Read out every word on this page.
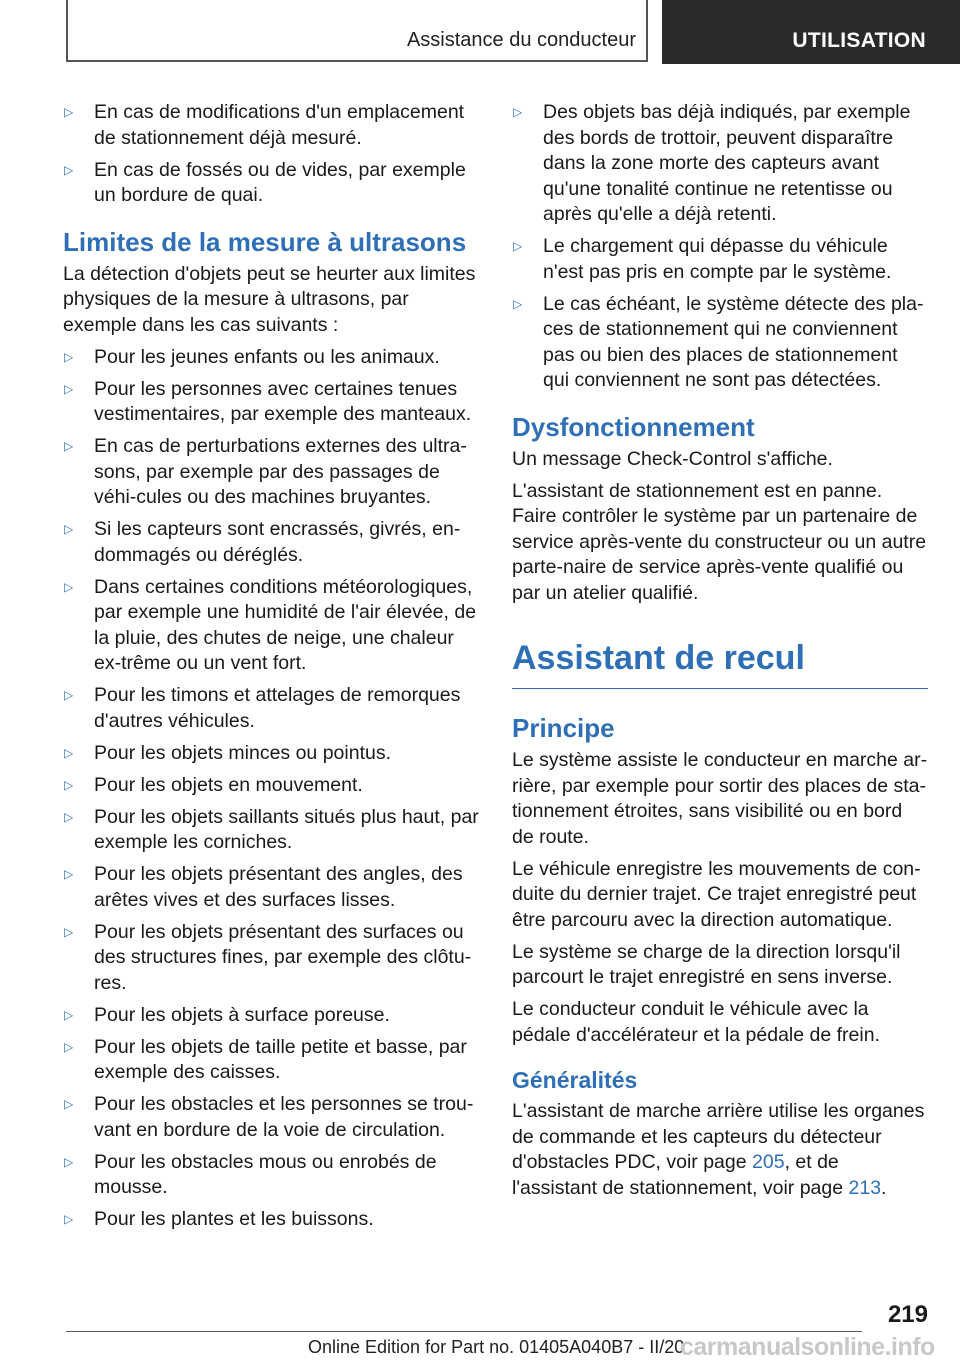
Assistance du conducteur	UTILISATION
▷	En cas de modifications d'un emplacement de stationnement déjà mesuré.
▷	En cas de fossés ou de vides, par exemple un bordure de quai.
Limites de la mesure à ultrasons

La détection d'objets peut se heurter aux limites physiques de la mesure à ultrasons, par exemple dans les cas suivants :

▷	Pour les jeunes enfants ou les animaux.
▷	Pour les personnes avec certaines tenues vestimentaires, par exemple des manteaux.
▷	En cas de perturbations externes des ultra‐sons, par exemple par des passages de véhi‐cules ou des machines bruyantes.
▷	Si les capteurs sont encrassés, givrés, en‐dommagés ou déréglés.
▷	Dans certaines conditions météorologiques, par exemple une humidité de l'air élevée, de la pluie, des chutes de neige, une chaleur ex‐trême ou un vent fort.
▷	Pour les timons et attelages de remorques d'autres véhicules.
▷	Pour les objets minces ou pointus.
▷	Pour les objets en mouvement.
▷	Pour les objets saillants situés plus haut, par exemple les corniches.
▷	Pour les objets présentant des angles, des arêtes vives et des surfaces lisses.
▷	Pour les objets présentant des surfaces ou des structures fines, par exemple des clôtu‐res.
▷	Pour les objets à surface poreuse.
▷	Pour les objets de taille petite et basse, par exemple des caisses.
▷	Pour les obstacles et les personnes se trou‐vant en bordure de la voie de circulation.
▷	Pour les obstacles mous ou enrobés de mousse.
▷	Pour les plantes et les buissons.
▷	Des objets bas déjà indiqués, par exemple des bords de trottoir, peuvent disparaître dans la zone morte des capteurs avant qu'une tonalité continue ne retentisse ou après qu'elle a déjà retenti.
▷	Le chargement qui dépasse du véhicule n'est pas pris en compte par le système.
▷	Le cas échéant, le système détecte des pla‐ces de stationnement qui ne conviennent pas ou bien des places de stationnement qui conviennent ne sont pas détectées.
Dysfonctionnement

Un message Check-Control s'affiche.

L'assistant de stationnement est en panne. Faire contrôler le système par un partenaire de service après-vente du constructeur ou un autre parte‐naire de service après-vente qualifié ou par un atelier qualifié.

Assistant de recul
Principe

Le système assiste le conducteur en marche ar‐rière, par exemple pour sortir des places de sta‐tionnement étroites, sans visibilité ou en bord de route.

Le véhicule enregistre les mouvements de con‐duite du dernier trajet. Ce trajet enregistré peut être parcouru avec la direction automatique.

Le système se charge de la direction lorsqu'il parcourt le trajet enregistré en sens inverse.

Le conducteur conduit le véhicule avec la pédale d'accélérateur et la pédale de frein.

Généralités

L'assistant de marche arrière utilise les organes de commande et les capteurs du détecteur d'obstacles PDC, voir page 205, et de l'assistant de stationnement, voir page 213.

219
Online Edition for Part no. 01405A040B7 - II/20
carmanualsonline.info
